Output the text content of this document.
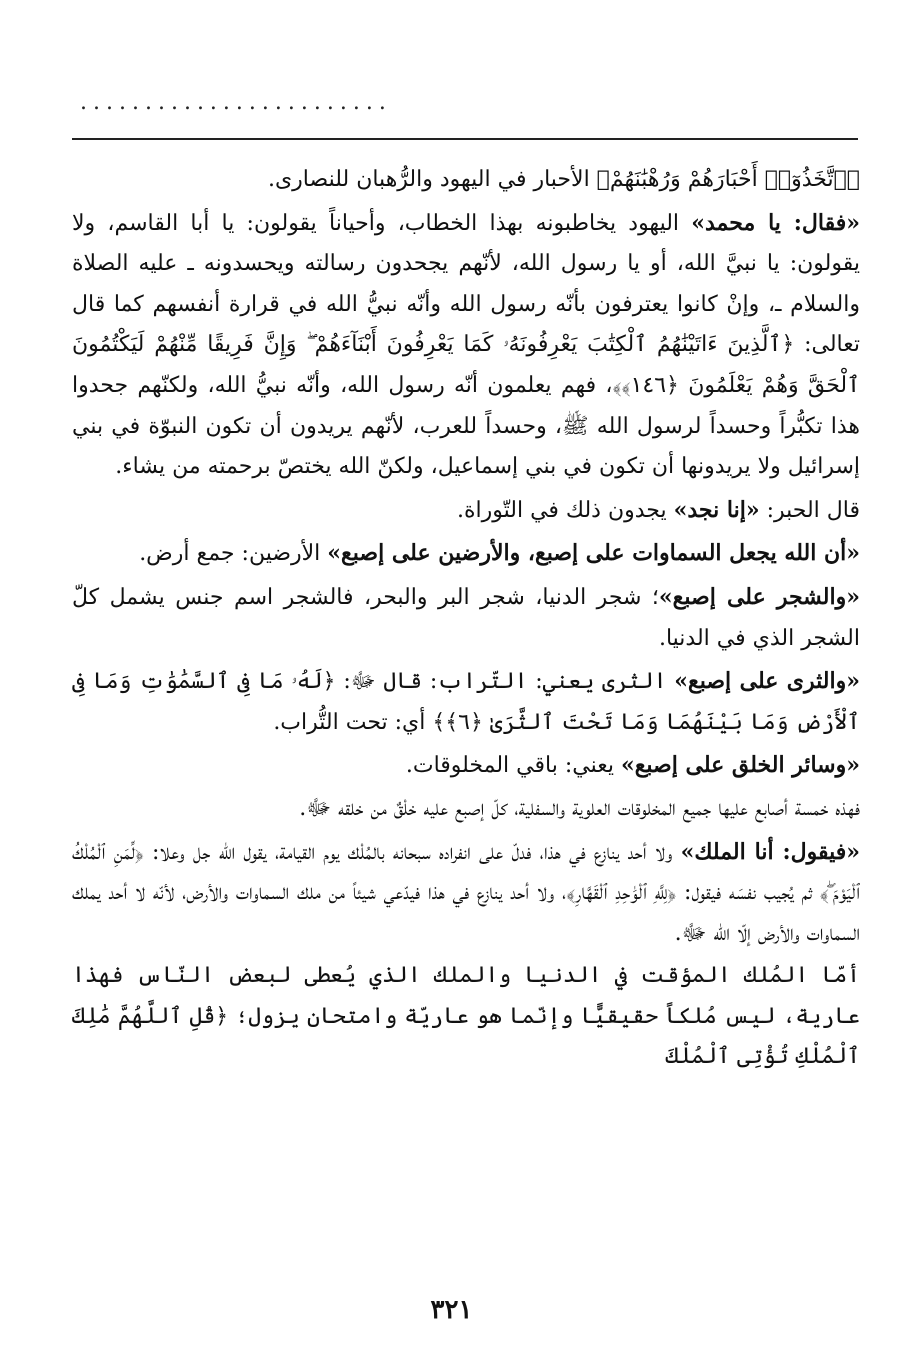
........................

﴿ٱتَّخَذُوٓا۟ أَحْبَارَهُمْ وَرُهْبَٰنَهُمْ﴾ الأحبار في اليهود والرُّهبان للنصارى.

«فقال: يا محمد» اليهود يخاطبونه بهذا الخطاب، وأحياناً يقولون: يا أبا القاسم، ولا يقولون: يا نبيَّ الله، أو يا رسول الله، لأنّهم يجحدون رسالته ويحسدونه ـ عليه الصلاة والسلام ـ، وإنْ كانوا يعترفون بأنّه رسول الله وأنّه نبيُّ الله في قرارة أنفسهم كما قال تعالى: ﴿ٱلَّذِينَ ءَاتَيْنَٰهُمُ ٱلْكِتَٰبَ يَعْرِفُونَهُۥ كَمَا يَعْرِفُونَ أَبْنَآءَهُمْ ۖ وَإِنَّ فَرِيقًا مِّنْهُمْ لَيَكْتُمُونَ ٱلْحَقَّ وَهُمْ يَعْلَمُونَ ﴿١٤٦﴾﴾، فهم يعلمون أنّه رسول الله، وأنّه نبيُّ الله، ولكنّهم جحدوا هذا تكبُّراً وحسداً لرسول الله ﷺ، وحسداً للعرب، لأنّهم يريدون أن تكون النبوّة في بني إسرائيل ولا يريدونها أن تكون في بني إسماعيل، ولكنّ الله يختصّ برحمته من يشاء.

قال الحبر: «إنا نجد» يجدون ذلك في التّوراة.

«أن الله يجعل السماوات على إصبع، والأرضين على إصبع» الأرضين: جمع أرض.

«والشجر على إصبع»؛ شجر الدنيا، شجر البر والبحر، فالشجر اسم جنس يشمل كلّ الشجر الذي في الدنيا.

«والثرى على إصبع» الثرى يعني: التّراب: قال ﷻ: ﴿لَهُۥ مَا فِى ٱلسَّمَٰوَٰتِ وَمَا فِى ٱلْأَرْضِ وَمَا بَيْنَهُمَا وَمَا تَحْتَ ٱلثَّرَىٰ ﴿٦﴾﴾ أي: تحت التُّراب.

«وسائر الخلق على إصبع» يعني: باقي المخلوقات.

فهذه خمسة أصابع عليها جميع المخلوقات العلوية والسفلية، كلّ إصبع عليه خلْقٌ من خلقه ﷻ.

«فيقول: أنا الملك» ولا أحد ينازع في هذا، فدلّ على انفراده سبحانه بالمُلْك يوم القيامة، يقول الله جل وعلا: ﴿لِّمَنِ ٱلْمُلْكُ ٱلْيَوْمَ ۖ﴾ ثم يُجيب نفسَه فيقول: ﴿لِلَّهِ ٱلْوَٰحِدِ ٱلْقَهَّارِ﴾، ولا أحد ينازع في هذا فيدّعي شيئاً من ملك السماوات والأرض، لأنّه لا أحد يملك السماوات والأرض إلّا الله ﷻ.

أمّا المُلك المؤقت في الدنيا والملك الذي يُعطى لبعض النّاس فهذا عارية، ليس مُلكاً حقيقيًّا وإنّما هو عاريّة وامتحان يزول؛ ﴿قُلِ ٱللَّهُمَّ مَٰلِكَ ٱلْمُلْكِ تُؤْتِى ٱلْمُلْكَ

٣٢١
